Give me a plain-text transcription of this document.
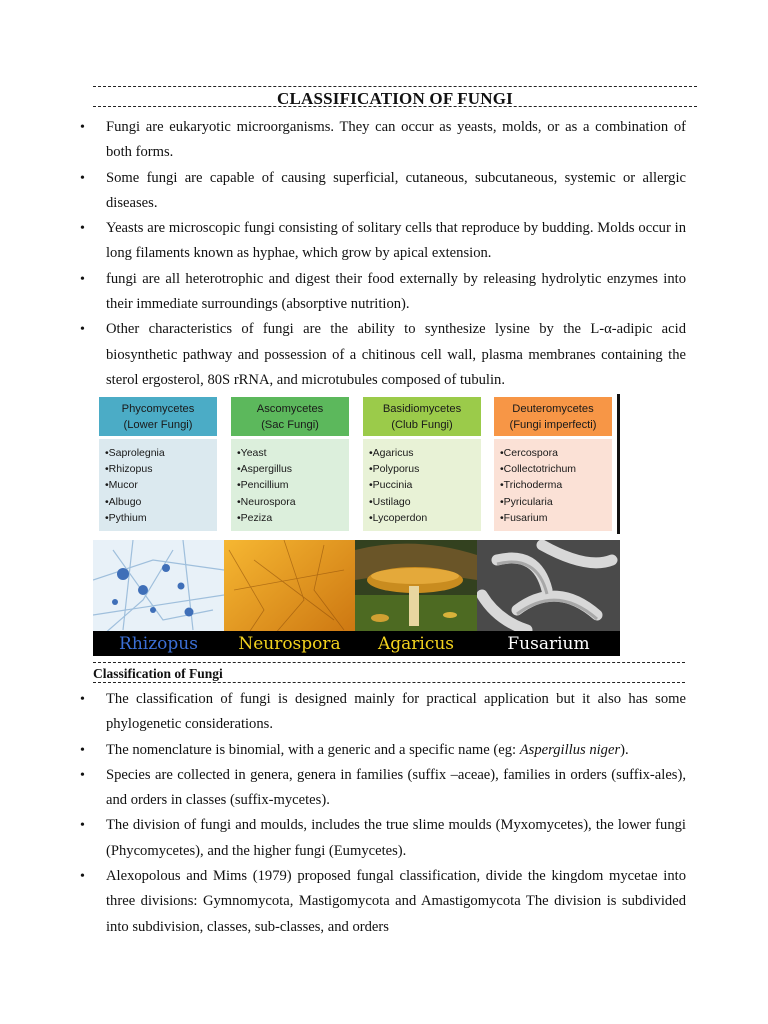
CLASSIFICATION OF FUNGI
• Fungi are eukaryotic microorganisms. They can occur as yeasts, molds, or as a combination of both forms.
• Some fungi are capable of causing superficial, cutaneous, subcutaneous, systemic or allergic diseases.
• Yeasts are microscopic fungi consisting of solitary cells that reproduce by budding. Molds occur in long filaments known as hyphae, which grow by apical extension.
• fungi are all heterotrophic and digest their food externally by releasing hydrolytic enzymes into their immediate surroundings (absorptive nutrition).
• Other characteristics of fungi are the ability to synthesize lysine by the L-α-adipic acid biosynthetic pathway and possession of a chitinous cell wall, plasma membranes containing the sterol ergosterol, 80S rRNA, and microtubules composed of tubulin.
Phycomycetes
(Lower Fungi)
•Saprolegnia
•Rhizopus
•Mucor
•Albugo
•Pythium
Ascomycetes
(Sac Fungi)
•Yeast
•Aspergillus
•Pencillium
•Neurospora
•Peziza
Basidiomycetes
(Club Fungi)
•Agaricus
•Polyporus
•Puccinia
•Ustilago
•Lycoperdon
Deuteromycetes
(Fungi imperfecti)
•Cercospora
•Collectotrichum
•Trichoderma
•Pyricularia
•Fusarium
Rhizopus	Neurospora	Agaricus	Fusarium
Classification of Fungi
• The classification of fungi is designed mainly for practical application but it also has some phylogenetic considerations.
• The nomenclature is binomial, with a generic and a specific name (eg: Aspergillus niger).
• Species are collected in genera, genera in families (suffix –aceae), families in orders (suffix-ales), and orders in classes (suffix-mycetes).
• The division of fungi and moulds, includes the true slime moulds (Myxomycetes), the lower fungi (Phycomycetes), and the higher fungi (Eumycetes).
• Alexopolous and Mims (1979) proposed fungal classification, divide the kingdom mycetae into three divisions: Gymnomycota, Mastigomycota and Amastigomycota The division is subdivided into subdivision, classes, sub-classes, and orders
